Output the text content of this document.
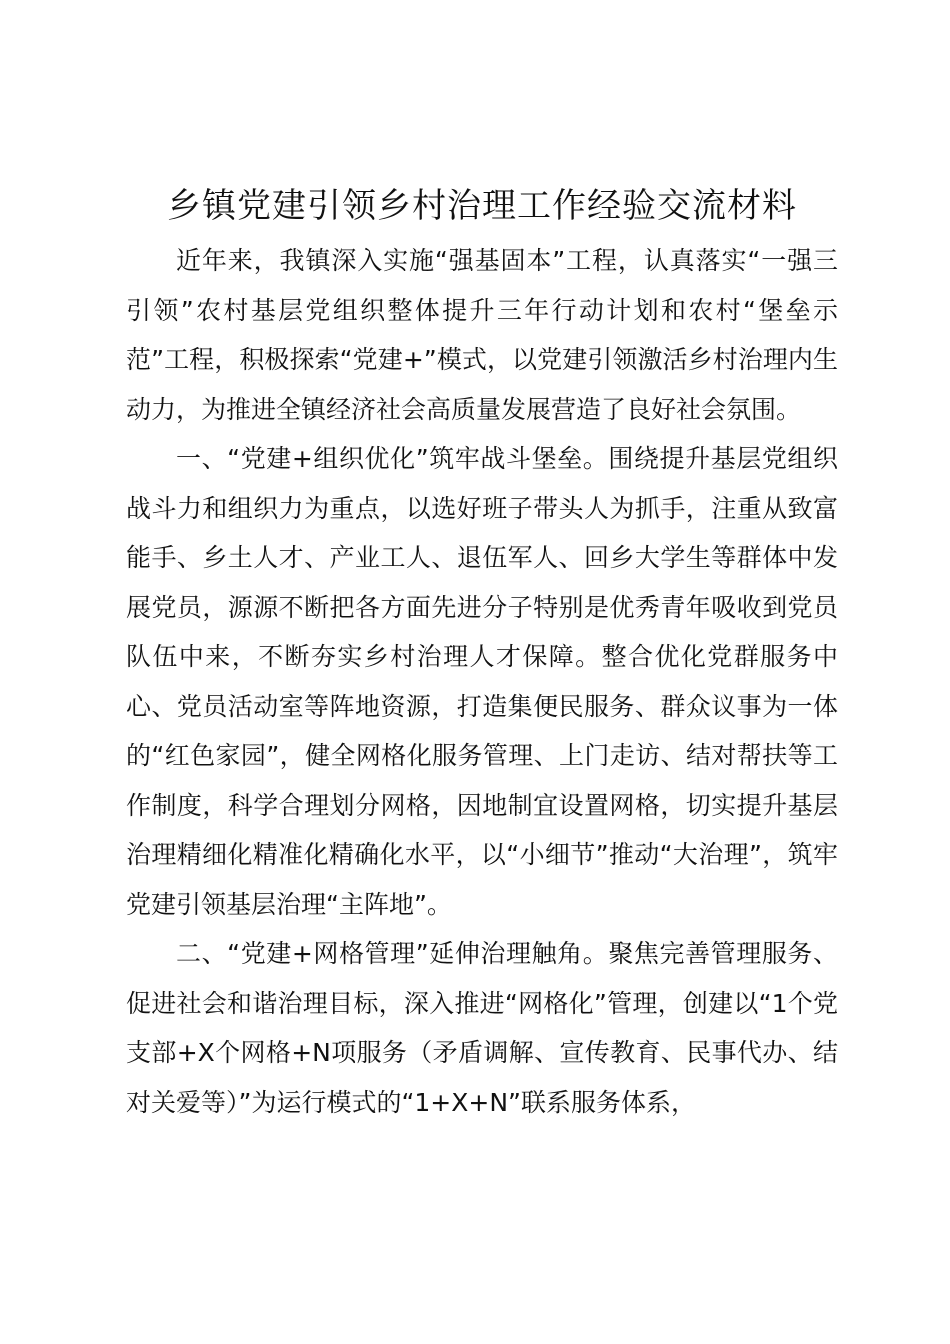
乡镇党建引领乡村治理工作经验交流材料

近年来，我镇深入实施“强基固本”工程，认真落实“一强三引领”农村基层党组织整体提升三年行动计划和农村“堡垒示范”工程，积极探索“党建+”模式，以党建引领激活乡村治理内生动力，为推进全镇经济社会高质量发展营造了良好社会氛围。

一、“党建+组织优化”筑牢战斗堡垒。围绕提升基层党组织战斗力和组织力为重点，以选好班子带头人为抓手，注重从致富能手、乡土人才、产业工人、退伍军人、回乡大学生等群体中发展党员，源源不断把各方面先进分子特别是优秀青年吸收到党员队伍中来，不断夯实乡村治理人才保障。整合优化党群服务中心、党员活动室等阵地资源，打造集便民服务、群众议事为一体的“红色家园”，健全网格化服务管理、上门走访、结对帮扶等工作制度，科学合理划分网格，因地制宜设置网格，切实提升基层治理精细化精准化精确化水平，以“小细节”推动“大治理”，筑牢党建引领基层治理“主阵地”。

二、“党建+网格管理”延伸治理触角。聚焦完善管理服务、促进社会和谐治理目标，深入推进“网格化”管理，创建以“1个党支部+X个网格+N项服务（矛盾调解、宣传教育、民事代办、结对关爱等）”为运行模式的“1+X+N”联系服务体系，
